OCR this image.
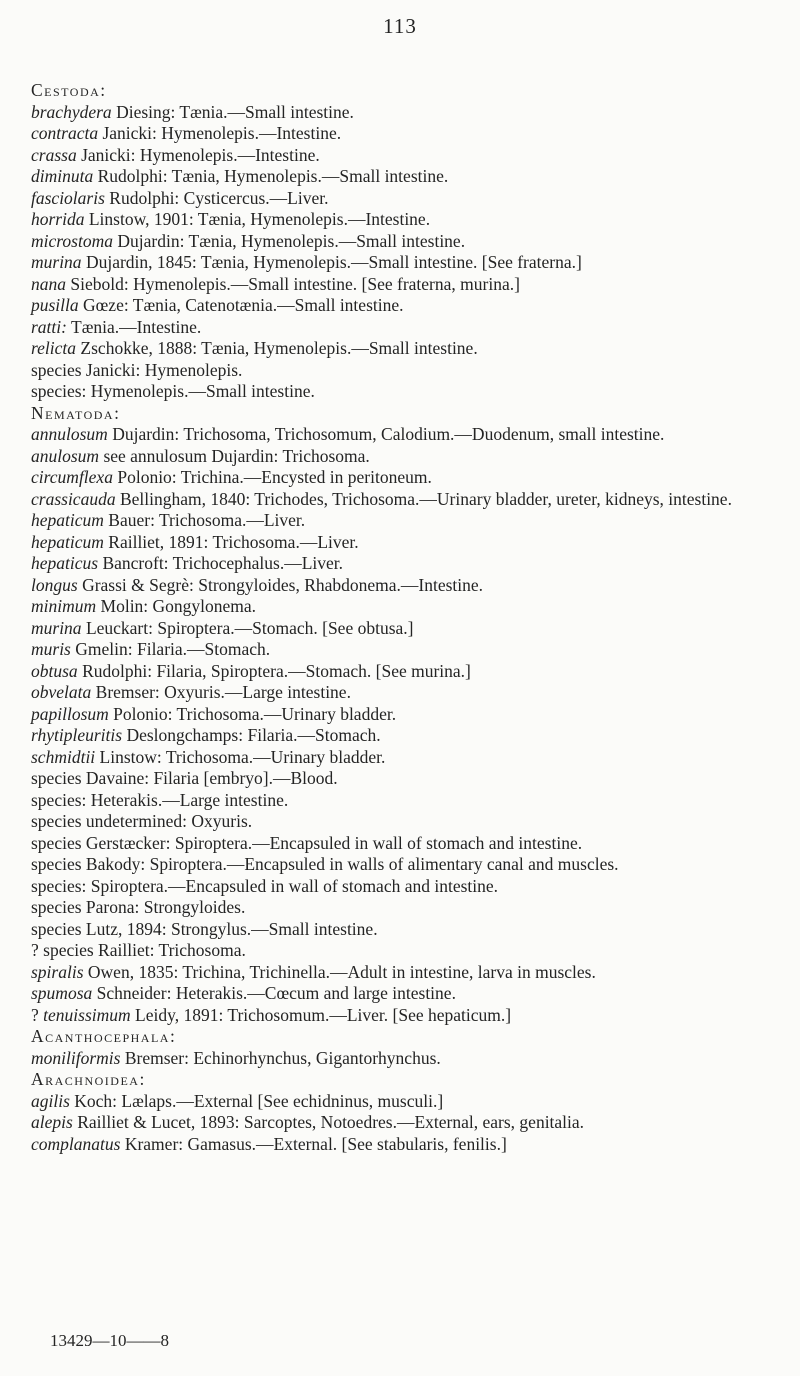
113
Cestoda:
brachydera Diesing: Tænia.—Small intestine.
contracta Janicki: Hymenolepis.—Intestine.
crassa Janicki: Hymenolepis.—Intestine.
diminuta Rudolphi: Tænia, Hymenolepis.—Small intestine.
fasciolaris Rudolphi: Cysticercus.—Liver.
horrida Linstow, 1901: Tænia, Hymenolepis.—Intestine.
microstoma Dujardin: Tænia, Hymenolepis.—Small intestine.
murina Dujardin, 1845: Tænia, Hymenolepis.—Small intestine. [See fraterna.]
nana Siebold: Hymenolepis.—Small intestine. [See fraterna, murina.]
pusilla Gœze: Tænia, Catenotænia.—Small intestine.
ratti: Tænia.—Intestine.
relicta Zschokke, 1888: Tænia, Hymenolepis.—Small intestine.
species Janicki: Hymenolepis.
species: Hymenolepis.—Small intestine.
Nematoda:
annulosum Dujardin: Trichosoma, Trichosomum, Calodium.—Duodenum, small intestine.
anulosum see annulosum Dujardin: Trichosoma.
circumflexa Polonio: Trichina.—Encysted in peritoneum.
crassicauda Bellingham, 1840: Trichodes, Trichosoma.—Urinary bladder, ureter, kidneys, intestine.
hepaticum Bauer: Trichosoma.—Liver.
hepaticum Railliet, 1891: Trichosoma.—Liver.
hepaticus Bancroft: Trichocephalus.—Liver.
longus Grassi & Segrè: Strongyloides, Rhabdonema.—Intestine.
minimum Molin: Gongylonema.
murina Leuckart: Spiroptera.—Stomach. [See obtusa.]
muris Gmelin: Filaria.—Stomach.
obtusa Rudolphi: Filaria, Spiroptera.—Stomach. [See murina.]
obvelata Bremser: Oxyuris.—Large intestine.
papillosum Polonio: Trichosoma.—Urinary bladder.
rhytipleuritis Deslongchamps: Filaria.—Stomach.
schmidtii Linstow: Trichosoma.—Urinary bladder.
species Davaine: Filaria [embryo].—Blood.
species: Heterakis.—Large intestine.
species undetermined: Oxyuris.
species Gerstæcker: Spiroptera.—Encapsuled in wall of stomach and intestine.
species Bakody: Spiroptera.—Encapsuled in walls of alimentary canal and muscles.
species: Spiroptera.—Encapsuled in wall of stomach and intestine.
species Parona: Strongyloides.
species Lutz, 1894: Strongylus.—Small intestine.
? species Railliet: Trichosoma.
spiralis Owen, 1835: Trichina, Trichinella.—Adult in intestine, larva in muscles.
spumosa Schneider: Heterakis.—Cœcum and large intestine.
? tenuissimum Leidy, 1891: Trichosomum.—Liver. [See hepaticum.]
Acanthocephala:
moniliformis Bremser: Echinorhynchus, Gigantorhynchus.
Arachnoidea:
agilis Koch: Lælaps.—External [See echidninus, musculi.]
alepis Railliet & Lucet, 1893: Sarcoptes, Notoedres.—External, ears, genitalia.
complanatus Kramer: Gamasus.—External. [See stabularis, fenilis.]
13429—10——8
